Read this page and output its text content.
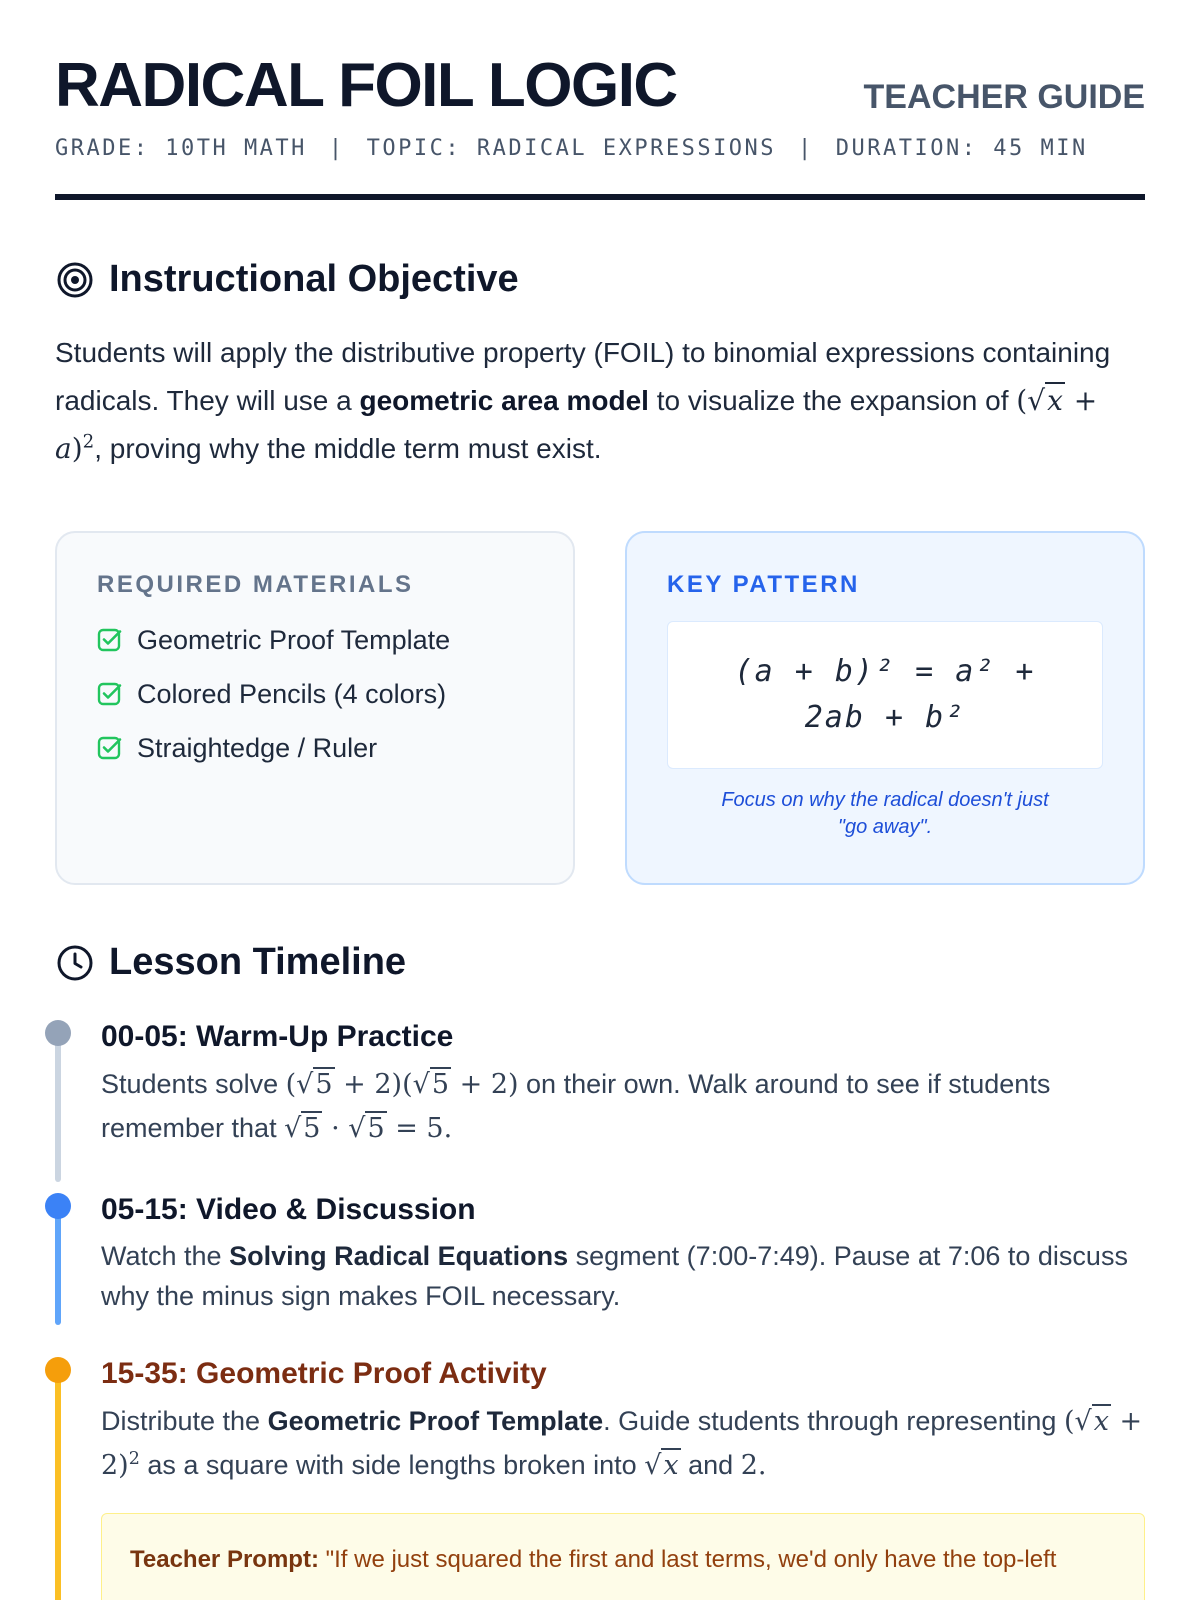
RADICAL FOIL LOGIC	TEACHER GUIDE
GRADE: 10TH MATH | TOPIC: RADICAL EXPRESSIONS | DURATION: 45 MIN
Instructional Objective

Students will apply the distributive property (FOIL) to binomial expressions containing radicals. They will use a geometric area model to visualize the expansion of $(√x + a)^2$, proving why the middle term must exist.

REQUIRED MATERIALS
Geometric Proof Template
Colored Pencils (4 colors)
Straightedge / Ruler
KEY PATTERN
(a + b)² = a² +
2ab + b²
Focus on why the radical doesn't just "go away".
Lesson Timeline
00-05: Warm-Up Practice

Students solve (√5 + 2)(√5 + 2) on their own. Walk around to see if students remember that √5 · √5 = 5.

05-15: Video & Discussion

Watch the Solving Radical Equations segment (7:00-7:49). Pause at 7:06 to discuss why the minus sign makes FOIL necessary.

15-35: Geometric Proof Activity

Distribute the Geometric Proof Template. Guide students through representing $(√x + 2)^2$ as a square with side lengths broken into √x and 2.

Teacher Prompt: "If we just squared the first and last terms, we'd only have the top-left
